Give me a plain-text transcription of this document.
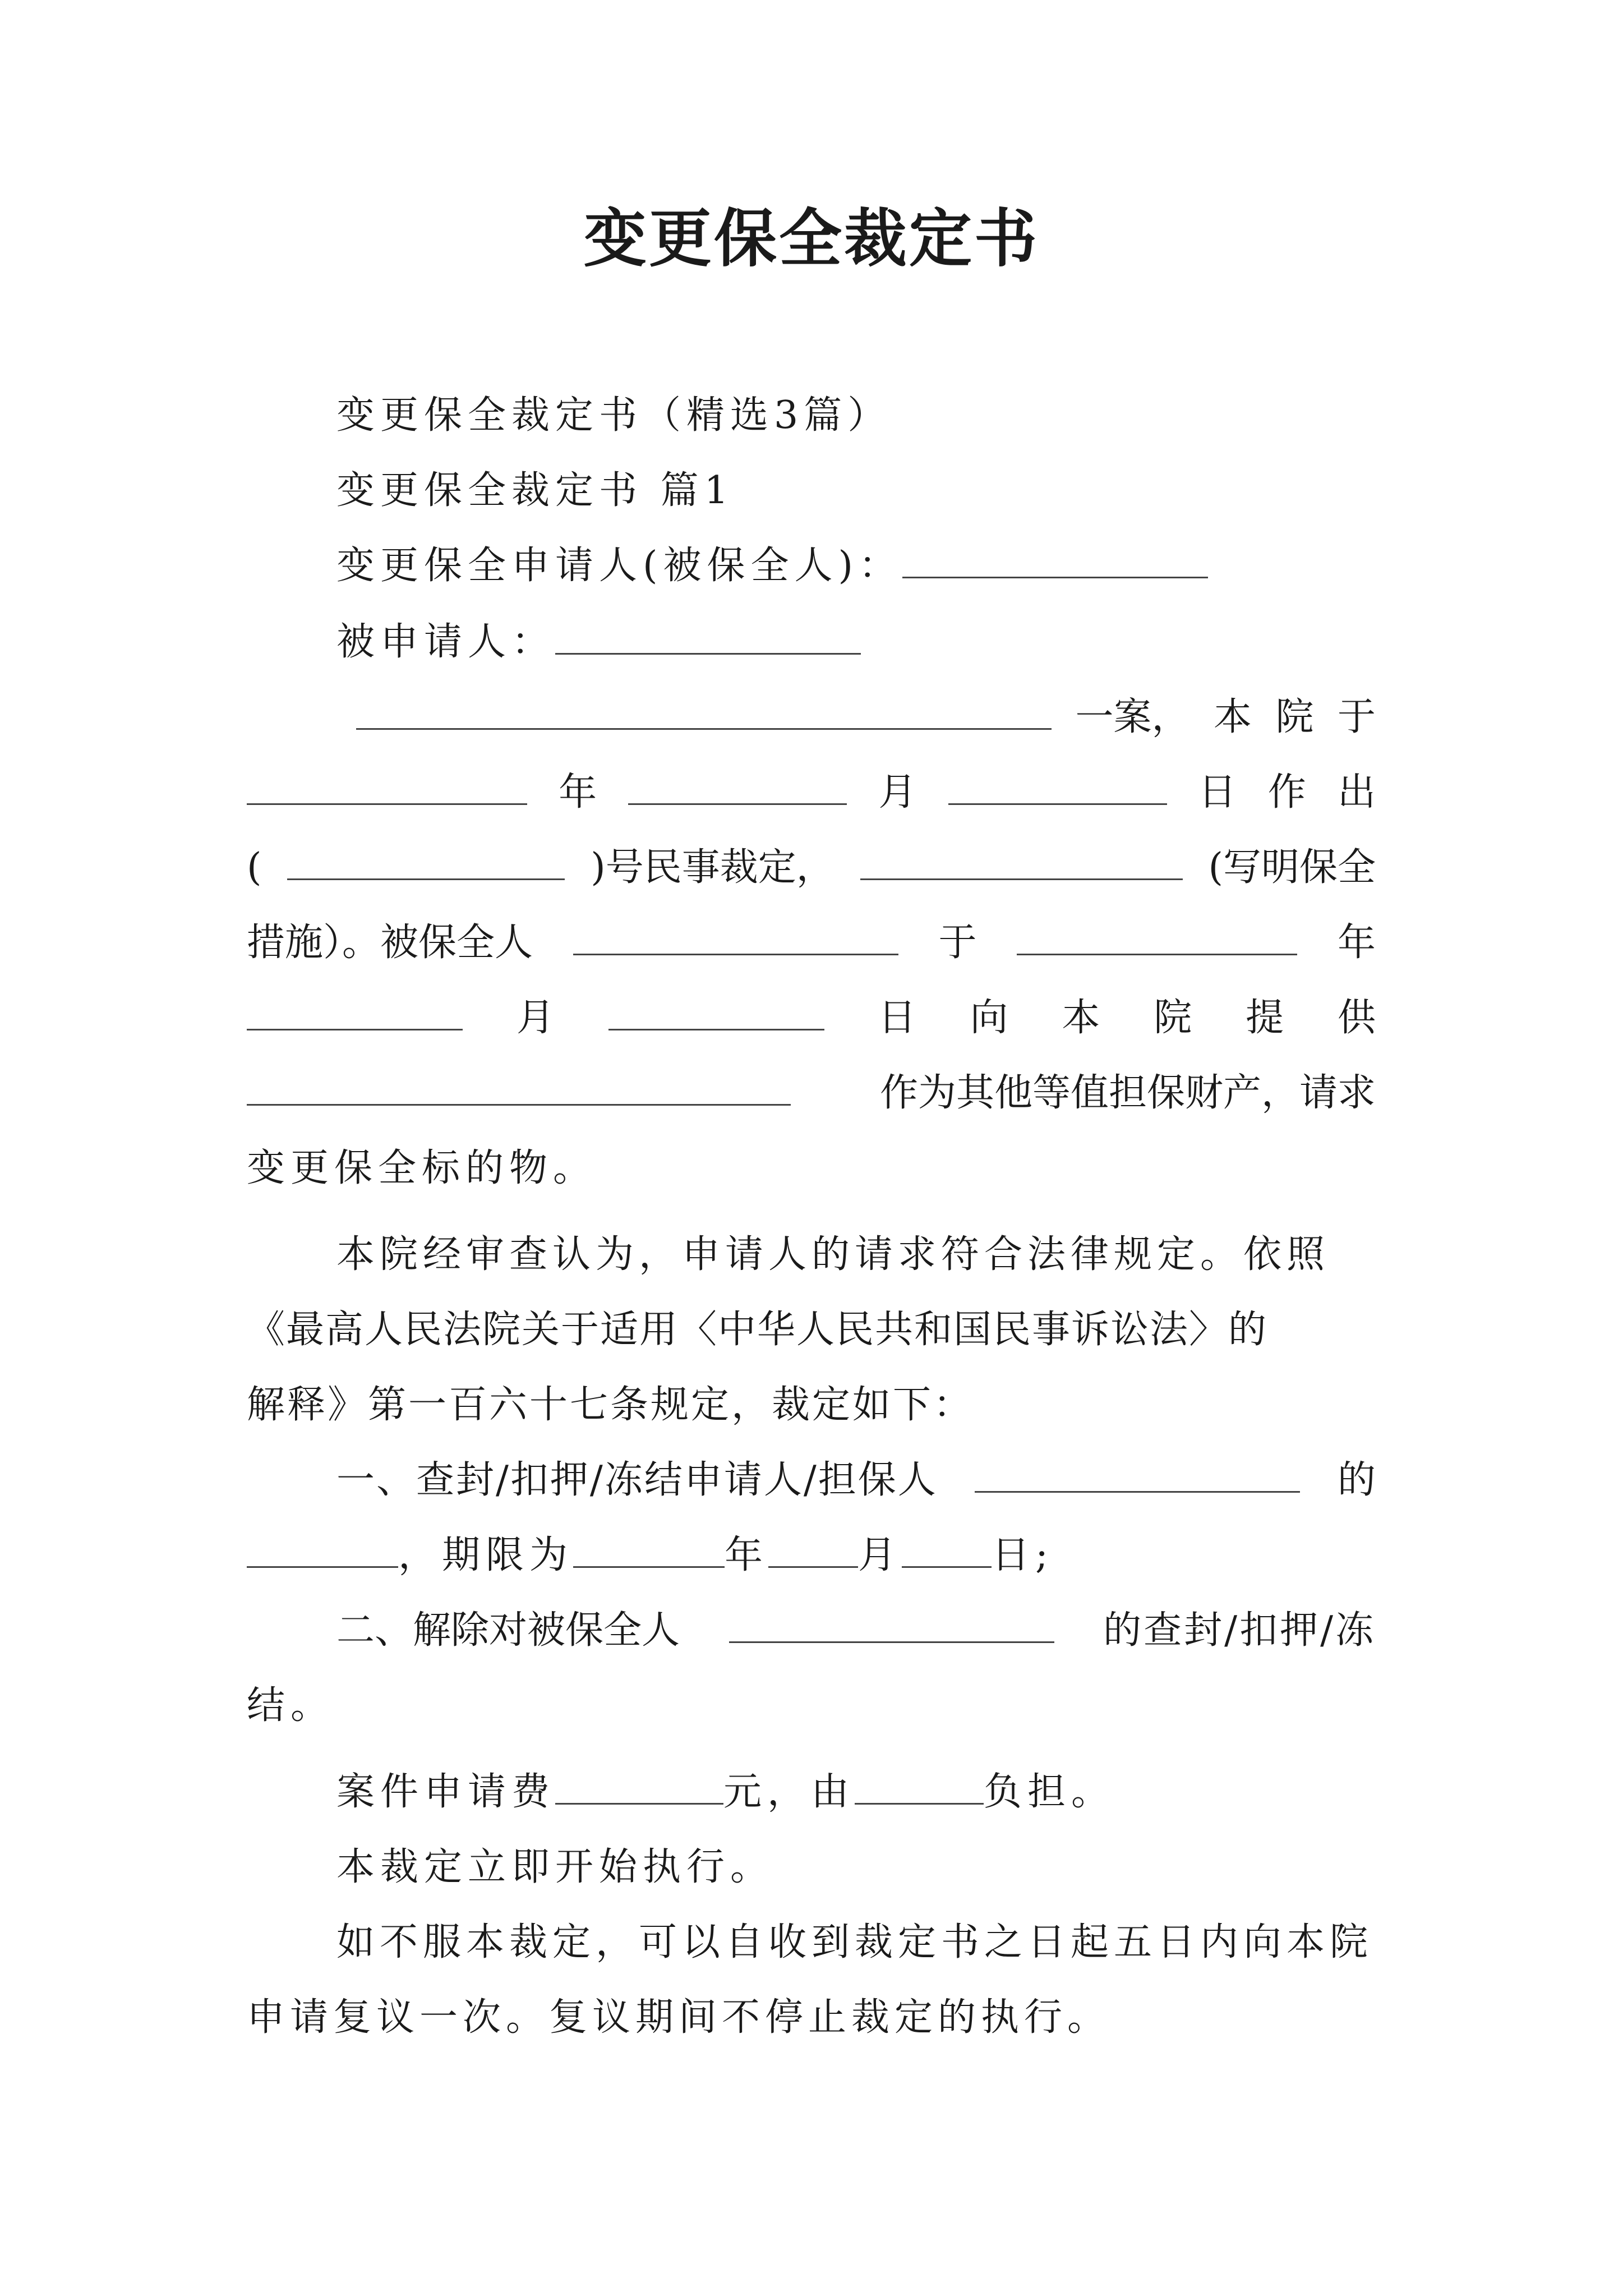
变更保全裁定书
变更保全裁定书（精选3篇）
变更保全裁定书 篇1
变更保全申请人(被保全人)：
被申请人：
一案， 本 院 于
年	月	日 作 出
(	)号民事裁定，	(写明保全
措施）。被保全人	于	年
月	日 向 本 院 提 供
作为其他等值担保财产，请求
变更保全标的物。
本院经审查认为，申请人的请求符合法律规定。依照
《最高人民法院关于适用〈中华人民共和国民事诉讼法〉的
解释》第一百六十七条规定，裁定如下：
一、查封/扣押/冻结申请人/担保人	的
，期限为	年 月 日;
二、解除对被保全人	的查封/扣押/冻
结。
案件申请费	元，由	负担。
本裁定立即开始执行。
如不服本裁定，可以自收到裁定书之日起五日内向本院
申请复议一次。复议期间不停止裁定的执行。
